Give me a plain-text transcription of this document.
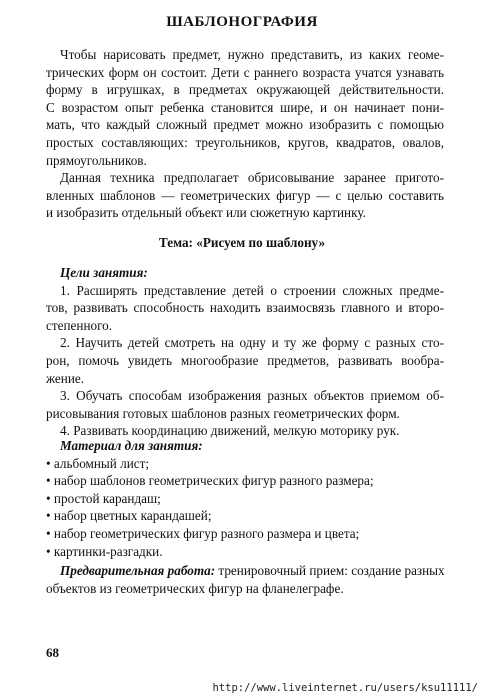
ШАБЛОНОГРАФИЯ
Чтобы нарисовать предмет, нужно представить, из каких геоме-
трических форм он состоит. Дети с раннего возраста учатся узнавать
форму в игрушках, в предметах окружающей действительности.
С возрастом опыт ребенка становится шире, и он начинает пони-
мать, что каждый сложный предмет можно изобразить с помощью
простых составляющих: треугольников, кругов, квадратов, овалов,
прямоугольников.
Данная техника предполагает обрисовывание заранее пригото-
вленных шаблонов — геометрических фигур — с целью составить
и изобразить отдельный объект или сюжетную картинку.
Тема: «Рисуем по шаблону»
Цели занятия:
1. Расширять представление детей о строении сложных предме-
тов, развивать способность находить взаимосвязь главного и второ-
степенного.
2. Научить детей смотреть на одну и ту же форму с разных сто-
рон, помочь увидеть многообразие предметов, развивать вообра-
жение.
3. Обучать способам изображения разных объектов приемом об-
рисовывания готовых шаблонов разных геометрических форм.
4. Развивать координацию движений, мелкую моторику рук.
Материал для занятия:
• альбомный лист;
• набор шаблонов геометрических фигур разного размера;
• простой карандаш;
• набор цветных карандашей;
• набор геометрических фигур разного размера и цвета;
• картинки-разгадки.
Предварительная работа: тренировочный прием: создание разных
объектов из геометрических фигур на фланелеграфе.
68
http://www.liveinternet.ru/users/ksu11111/
